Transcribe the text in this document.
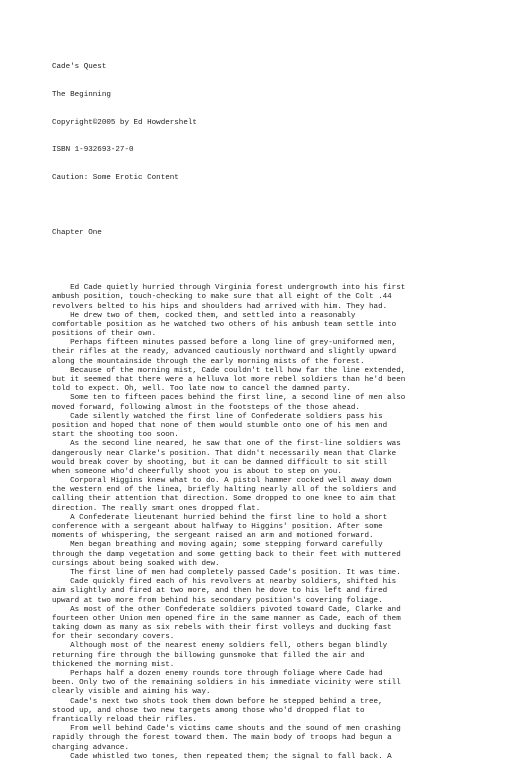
Cade's Quest

The Beginning

Copyright©2005 by Ed Howdershelt

ISBN 1-932693-27-0

Caution: Some Erotic Content

Chapter One

Ed Cade quietly hurried through Virginia forest undergrowth into his first
ambush position, touch-checking to make sure that all eight of the Colt .44
revolvers belted to his hips and shoulders had arrived with him. They had.
He drew two of them, cocked them, and settled into a reasonably
comfortable position as he watched two others of his ambush team settle into
positions of their own.
Perhaps fifteen minutes passed before a long line of grey-uniformed men,
their rifles at the ready, advanced cautiously northward and slightly upward
along the mountainside through the early morning mists of the forest.
Because of the morning mist, Cade couldn't tell how far the line extended,
but it seemed that there were a helluva lot more rebel soldiers than he'd been
told to expect. Oh, well. Too late now to cancel the damned party.
Some ten to fifteen paces behind the first line, a second line of men also
moved forward, following almost in the footsteps of the those ahead.
Cade silently watched the first line of Confederate soldiers pass his
position and hoped that none of them would stumble onto one of his men and
start the shooting too soon.
As the second line neared, he saw that one of the first-line soldiers was
dangerously near Clarke's position. That didn't necessarily mean that Clarke
would break cover by shooting, but it can be damned difficult to sit still
when someone who'd cheerfully shoot you is about to step on you.
Corporal Higgins knew what to do. A pistol hammer cocked well away down
the western end of the linea, briefly halting nearly all of the soldiers and
calling their attention that direction. Some dropped to one knee to aim that
direction. The really smart ones dropped flat.
A Confederate lieutenant hurried behind the first line to hold a short
conference with a sergeant about halfway to Higgins' position. After some
moments of whispering, the sergeant raised an arm and motioned forward.
Men began breathing and moving again; some stepping forward carefully
through the damp vegetation and some getting back to their feet with muttered
cursings about being soaked with dew.
The first line of men had completely passed Cade's position. It was time.
Cade quickly fired each of his revolvers at nearby soldiers, shifted his
aim slightly and fired at two more, and then he dove to his left and fired
upward at two more from behind his secondary position's covering foliage.
As most of the other Confederate soldiers pivoted toward Cade, Clarke and
fourteen other Union men opened fire in the same manner as Cade, each of them
taking down as many as six rebels with their first volleys and ducking fast
for their secondary covers.
Although most of the nearest enemy soldiers fell, others began blindly
returning fire through the billowing gunsmoke that filled the air and
thickened the morning mist.
Perhaps half a dozen enemy rounds tore through foliage where Cade had
been. Only two of the remaining soldiers in his immediate vicinity were still
clearly visible and aiming his way.
Cade's next two shots took them down before he stepped behind a tree,
stood up, and chose two new targets among those who'd dropped flat to
frantically reload their rifles.
From well behind Cade's victims came shouts and the sound of men crashing
rapidly through the forest toward them. The main body of troops had begun a
charging advance.
Cade whistled two tones, then repeated them; the signal to fall back. A
